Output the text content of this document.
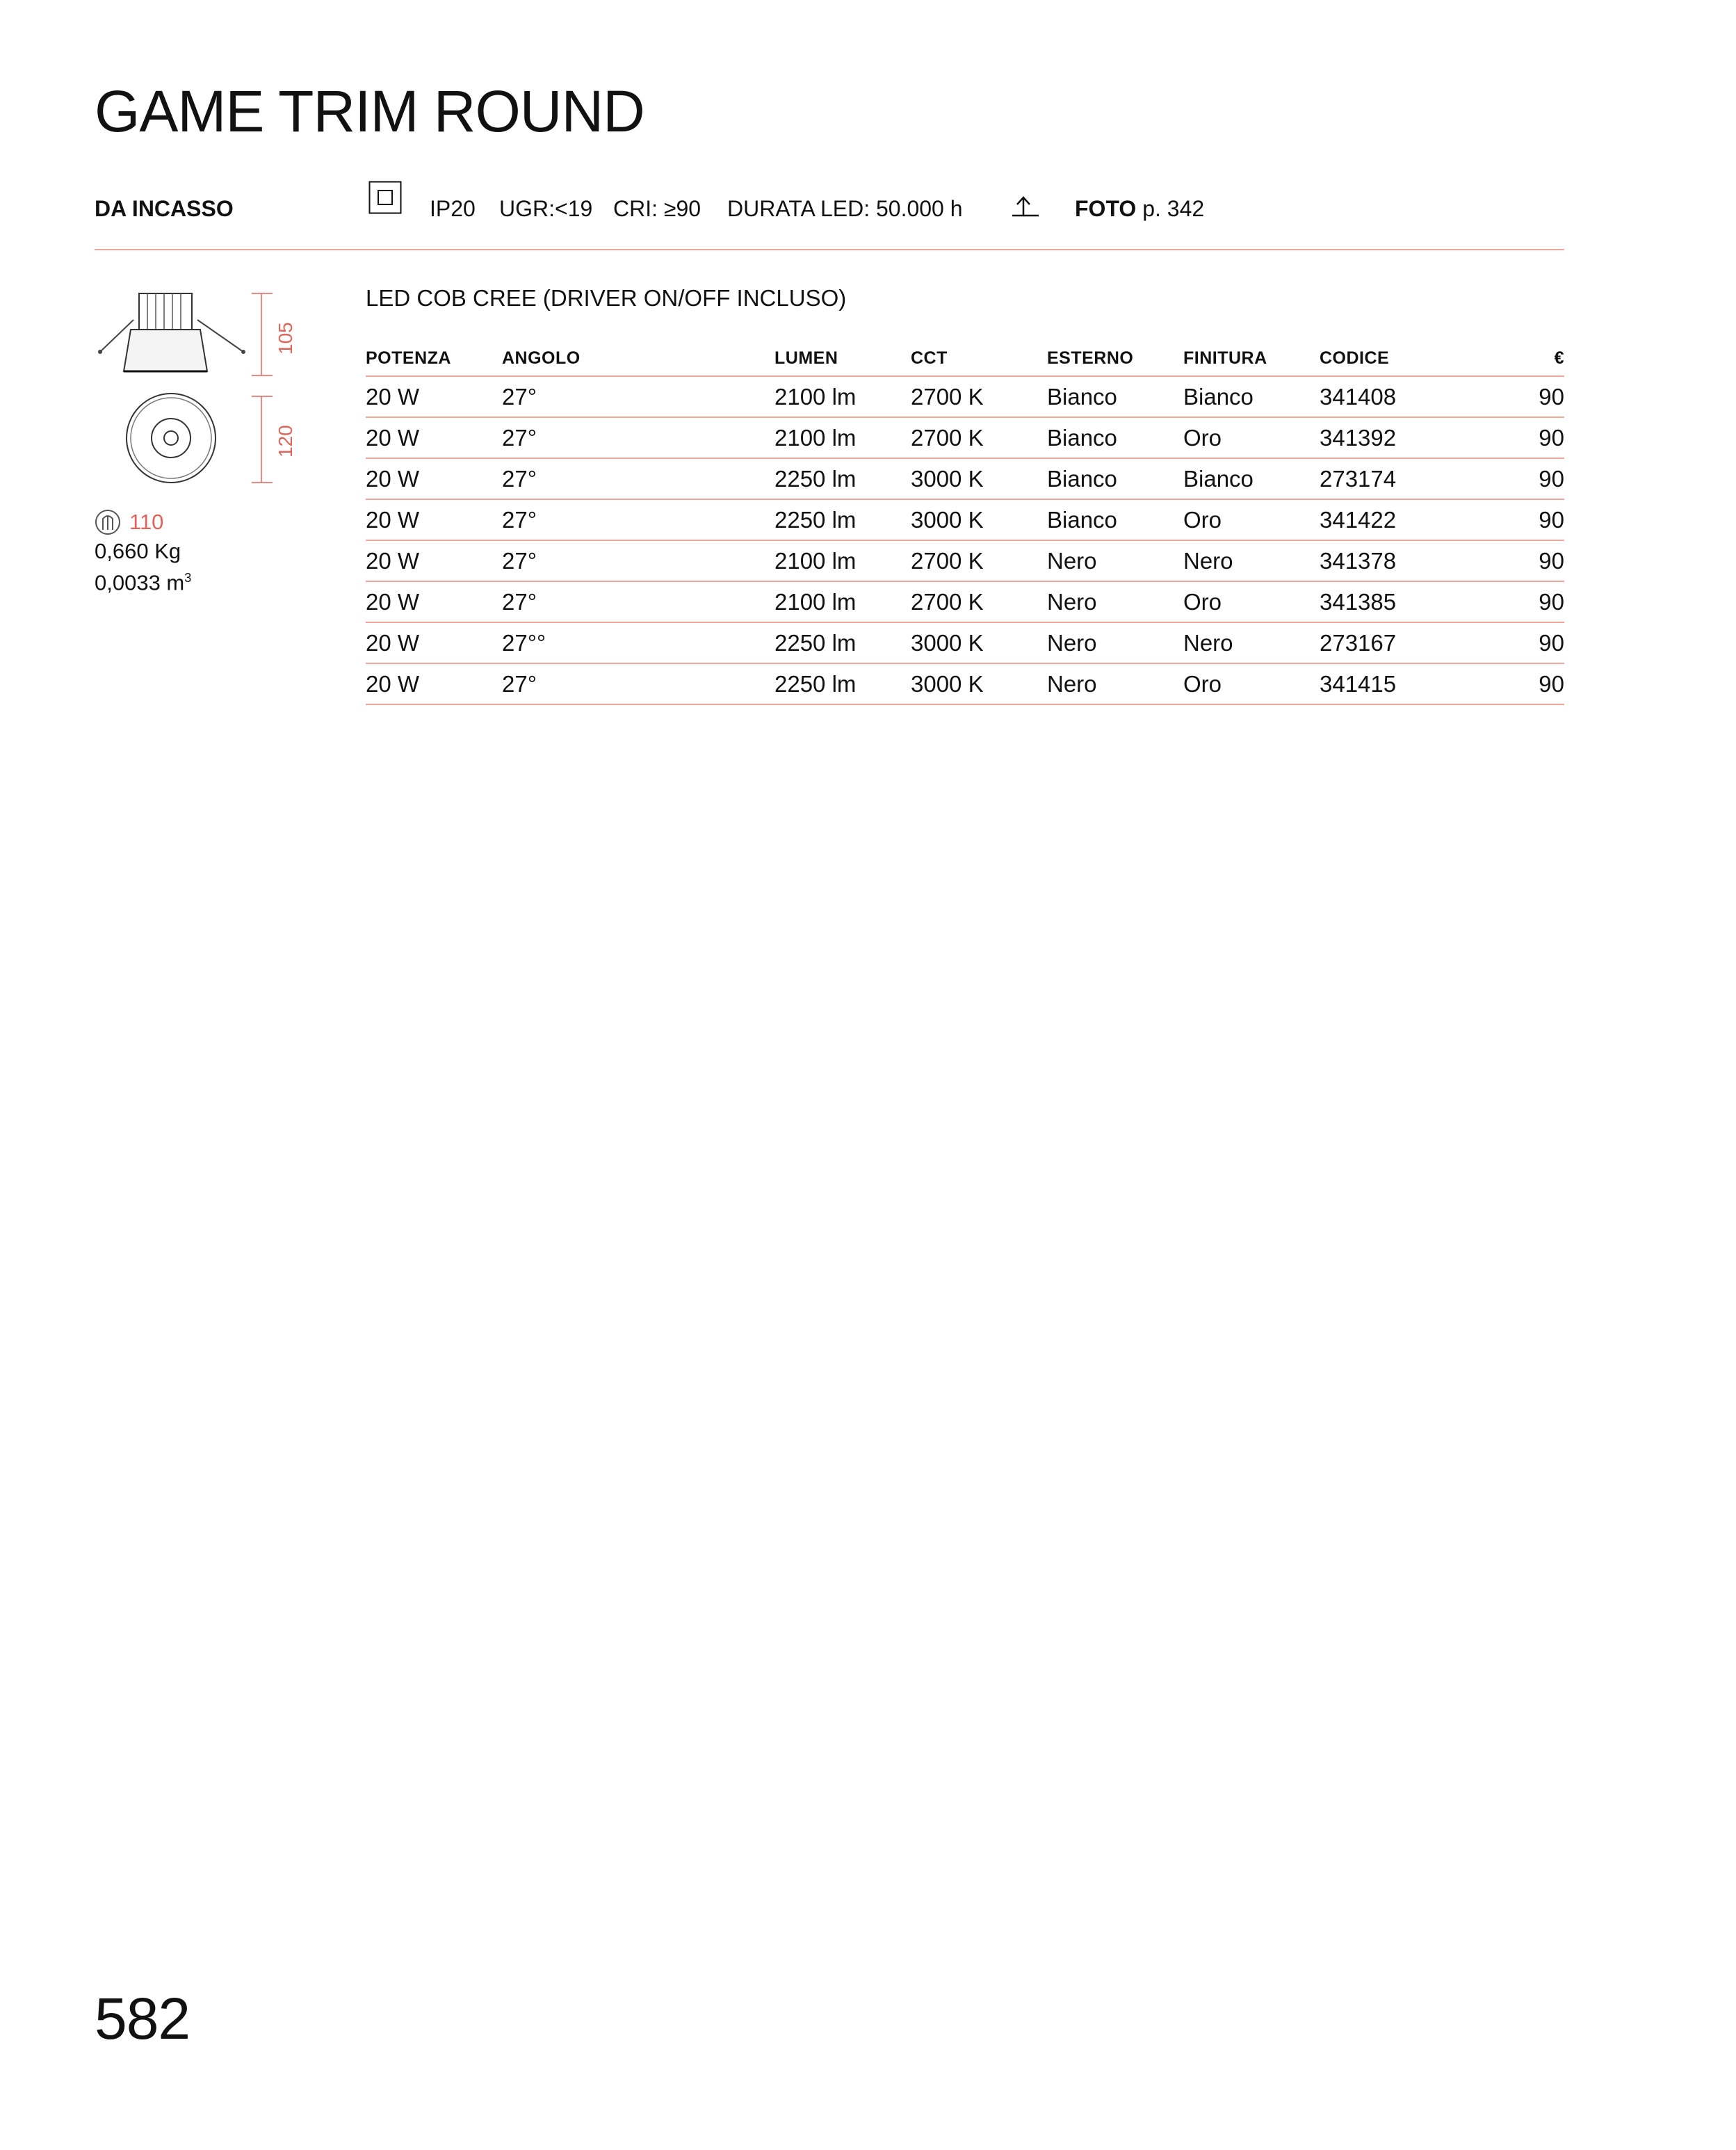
GAME TRIM ROUND
DA INCASSO	IP20 UGR:<19 CRI: ≥90 DURATA LED: 50.000 h	FOTO p. 342
105
120
110
0,660 Kg
0,0033 $m^3$
LED COB CREE (DRIVER ON/OFF INCLUSO)
POTENZA	ANGOLO	LUMEN	CCT	ESTERNO	FINITURA	CODICE	€
20 W	27°	2100 lm	2700 K	Bianco	Bianco	341408	90
20 W	27°	2100 lm	2700 K	Bianco	Oro	341392	90
20 W	27°	2250 lm	3000 K	Bianco	Bianco	273174	90
20 W	27°	2250 lm	3000 K	Bianco	Oro	341422	90
20 W	27°	2100 lm	2700 K	Nero	Nero	341378	90
20 W	27°	2100 lm	2700 K	Nero	Oro	341385	90
20 W	27°°	2250 lm	3000 K	Nero	Nero	273167	90
20 W	27°	2250 lm	3000 K	Nero	Oro	341415	90
582
